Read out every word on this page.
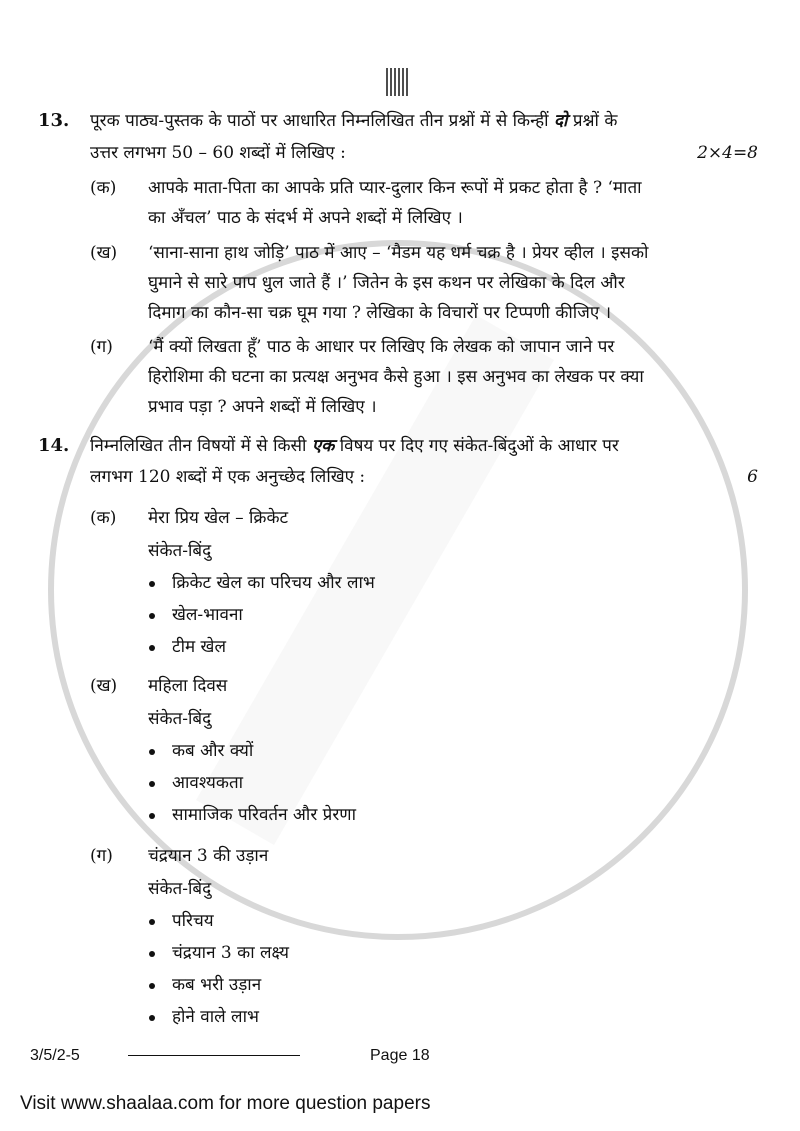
13. पूरक पाठ्य-पुस्तक के पाठों पर आधारित निम्नलिखित तीन प्रश्नों में से किन्हीं दो प्रश्नों के
उत्तर लगभग 50 – 60 शब्दों में लिखिए :	2×4=8
(क) आपके माता-पिता का आपके प्रति प्यार-दुलार किन रूपों में प्रकट होता है ? ‘माता
का अँचल’ पाठ के संदर्भ में अपने शब्दों में लिखिए ।
(ख) ‘साना-साना हाथ जोड़ि’ पाठ में आए – ‘मैडम यह धर्म चक्र है । प्रेयर व्हील । इसको
घुमाने से सारे पाप धुल जाते हैं ।’ जितेन के इस कथन पर लेखिका के दिल और
दिमाग का कौन-सा चक्र घूम गया ? लेखिका के विचारों पर टिप्पणी कीजिए ।
(ग) ‘मैं क्यों लिखता हूँ’ पाठ के आधार पर लिखिए कि लेखक को जापान जाने पर
हिरोशिमा की घटना का प्रत्यक्ष अनुभव कैसे हुआ । इस अनुभव का लेखक पर क्या
प्रभाव पड़ा ? अपने शब्दों में लिखिए ।
14. निम्नलिखित तीन विषयों में से किसी एक विषय पर दिए गए संकेत-बिंदुओं के आधार पर
लगभग 120 शब्दों में एक अनुच्छेद लिखिए :	6
(क) मेरा प्रिय खेल – क्रिकेट
संकेत-बिंदु
क्रिकेट खेल का परिचय और लाभ
खेल-भावना
टीम खेल
(ख) महिला दिवस
संकेत-बिंदु
कब और क्यों
आवश्यकता
सामाजिक परिवर्तन और प्रेरणा
(ग) चंद्रयान 3 की उड़ान
संकेत-बिंदु
परिचय
चंद्रयान 3 का लक्ष्य
कब भरी उड़ान
होने वाले लाभ
3/5/2-5	Page 18
Visit www.shaalaa.com for more question papers
